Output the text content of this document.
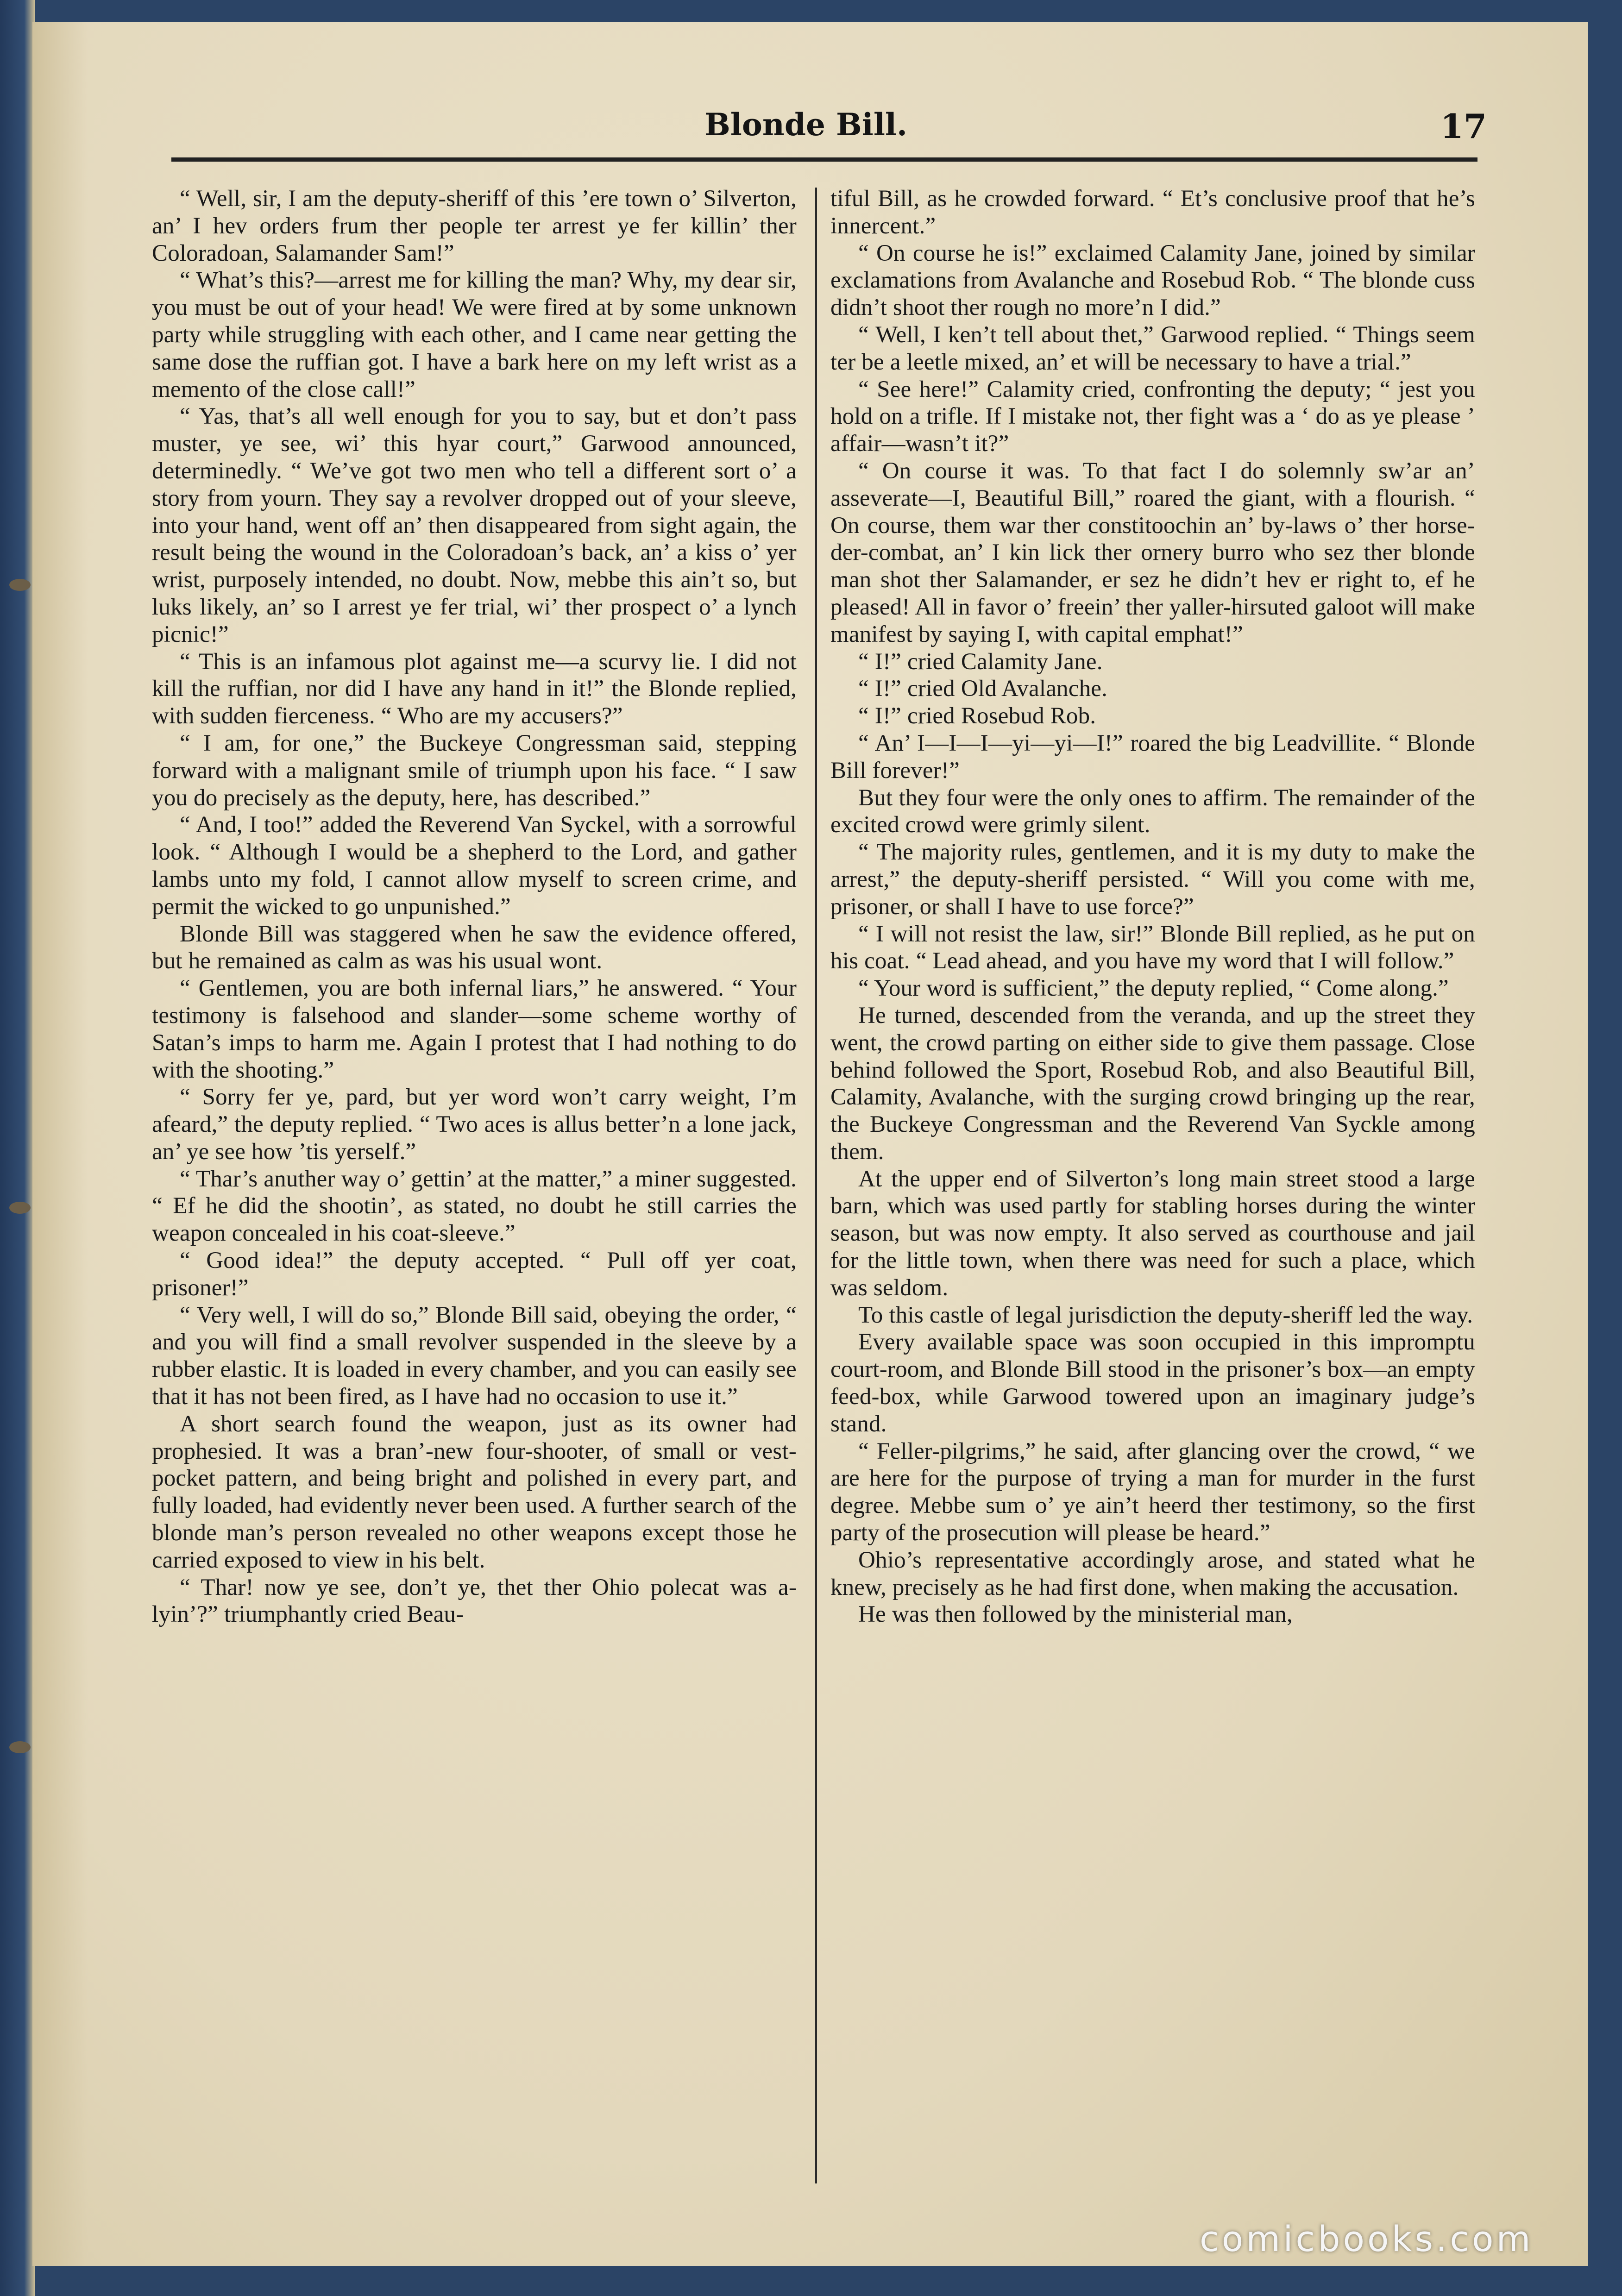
Blonde Bill.	17

“ Well, sir, I am the deputy-sheriff of this ’ere town o’ Silverton, an’ I hev orders frum ther people ter arrest ye fer killin’ ther Coloradoan, Salamander Sam!”

“ What’s this?—arrest me for killing the man? Why, my dear sir, you must be out of your head! We were fired at by some unknown party while struggling with each other, and I came near getting the same dose the ruffian got. I have a bark here on my left wrist as a memento of the close call!”

“ Yas, that’s all well enough for you to say, but et don’t pass muster, ye see, wi’ this hyar court,” Garwood announced, determinedly. “ We’ve got two men who tell a different sort o’ a story from yourn. They say a revolver dropped out of your sleeve, into your hand, went off an’ then disappeared from sight again, the result being the wound in the Coloradoan’s back, an’ a kiss o’ yer wrist, purposely intended, no doubt. Now, mebbe this ain’t so, but luks likely, an’ so I arrest ye fer trial, wi’ ther prospect o’ a lynch picnic!”

“ This is an infamous plot against me—a scurvy lie. I did not kill the ruffian, nor did I have any hand in it!” the Blonde replied, with sudden fierceness. “ Who are my accusers?”

“ I am, for one,” the Buckeye Congressman said, stepping forward with a malignant smile of triumph upon his face. “ I saw you do precisely as the deputy, here, has described.”

“ And, I too!” added the Reverend Van Syckel, with a sorrowful look. “ Although I would be a shepherd to the Lord, and gather lambs unto my fold, I cannot allow myself to screen crime, and permit the wicked to go unpunished.”

Blonde Bill was staggered when he saw the evidence offered, but he remained as calm as was his usual wont.

“ Gentlemen, you are both infernal liars,” he answered. “ Your testimony is falsehood and slander—some scheme worthy of Satan’s imps to harm me. Again I protest that I had nothing to do with the shooting.”

“ Sorry fer ye, pard, but yer word won’t carry weight, I’m afeard,” the deputy replied. “ Two aces is allus better’n a lone jack, an’ ye see how ’tis yerself.”

“ Thar’s anuther way o’ gettin’ at the matter,” a miner suggested. “ Ef he did the shootin’, as stated, no doubt he still carries the weapon concealed in his coat-sleeve.”

“ Good idea!” the deputy accepted. “ Pull off yer coat, prisoner!”

“ Very well, I will do so,” Blonde Bill said, obeying the order, “ and you will find a small revolver suspended in the sleeve by a rubber elastic. It is loaded in every chamber, and you can easily see that it has not been fired, as I have had no occasion to use it.”

A short search found the weapon, just as its owner had prophesied. It was a bran’-new four-shooter, of small or vest-pocket pattern, and being bright and polished in every part, and fully loaded, had evidently never been used. A further search of the blonde man’s person revealed no other weapons except those he carried exposed to view in his belt.

“ Thar! now ye see, don’t ye, thet ther Ohio polecat was a-lyin’?” triumphantly cried Beau-

tiful Bill, as he crowded forward. “ Et’s conclusive proof that he’s innercent.”

“ On course he is!” exclaimed Calamity Jane, joined by similar exclamations from Avalanche and Rosebud Rob. “ The blonde cuss didn’t shoot ther rough no more’n I did.”

“ Well, I ken’t tell about thet,” Garwood replied. “ Things seem ter be a leetle mixed, an’ et will be necessary to have a trial.”

“ See here!” Calamity cried, confronting the deputy; “ jest you hold on a trifle. If I mistake not, ther fight was a ‘ do as ye please ’ affair—wasn’t it?”

“ On course it was. To that fact I do solemnly sw’ar an’ asseverate—I, Beautiful Bill,” roared the giant, with a flourish. “ On course, them war ther constitoochin an’ by-laws o’ ther horse-der-combat, an’ I kin lick ther ornery burro who sez ther blonde man shot ther Salamander, er sez he didn’t hev er right to, ef he pleased! All in favor o’ freein’ ther yaller-hirsuted galoot will make manifest by saying I, with capital emphat!”

“ I!” cried Calamity Jane.

“ I!” cried Old Avalanche.

“ I!” cried Rosebud Rob.

“ An’ I—I—I—yi—yi—I!” roared the big Leadvillite. “ Blonde Bill forever!”

But they four were the only ones to affirm. The remainder of the excited crowd were grimly silent.

“ The majority rules, gentlemen, and it is my duty to make the arrest,” the deputy-sheriff persisted. “ Will you come with me, prisoner, or shall I have to use force?”

“ I will not resist the law, sir!” Blonde Bill replied, as he put on his coat. “ Lead ahead, and you have my word that I will follow.”

“ Your word is sufficient,” the deputy replied, “ Come along.”

He turned, descended from the veranda, and up the street they went, the crowd parting on either side to give them passage. Close behind followed the Sport, Rosebud Rob, and also Beautiful Bill, Calamity, Avalanche, with the surging crowd bringing up the rear, the Buckeye Congressman and the Reverend Van Syckle among them.

At the upper end of Silverton’s long main street stood a large barn, which was used partly for stabling horses during the winter season, but was now empty. It also served as courthouse and jail for the little town, when there was need for such a place, which was seldom.

To this castle of legal jurisdiction the deputy-sheriff led the way.

Every available space was soon occupied in this impromptu court-room, and Blonde Bill stood in the prisoner’s box—an empty feed-box, while Garwood towered upon an imaginary judge’s stand.

“ Feller-pilgrims,” he said, after glancing over the crowd, “ we are here for the purpose of trying a man for murder in the furst degree. Mebbe sum o’ ye ain’t heerd ther testimony, so the first party of the prosecution will please be heard.”

Ohio’s representative accordingly arose, and stated what he knew, precisely as he had first done, when making the accusation.

He was then followed by the ministerial man,

comicbooks.com
